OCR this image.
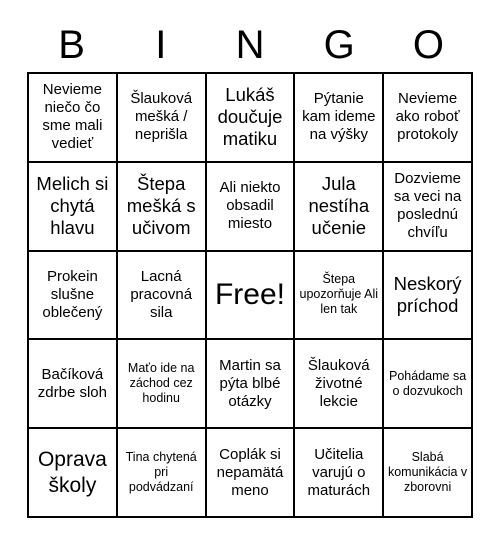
B	I	N	G	O
Nevieme niečo čo sme mali vedieť
Šlauková mešká / neprišla
Lukáš doučuje matiku
Pýtanie kam ideme na výšky
Nevieme ako roboť protokoly
Melich si chytá hlavu
Štepa mešká s učivom
Ali niekto obsadil miesto
Jula nestíha učenie
Dozvieme sa veci na poslednú chvíľu
Prokein slušne oblečený
Lacná pracovná sila
Free!	Štepa upozorňuje Ali len tak
Neskorý príchod
Bačíková zdrbe sloh
Maťo ide na záchod cez hodinu
Martin sa pýta blbé otázky
Šlauková životné lekcie
Pohádame sa o dozvukoch
Oprava školy
Tina chytená pri podvádzaní
Coplák si nepamätá meno
Učitelia varujú o maturách
Slabá komunikácia v zborovni
